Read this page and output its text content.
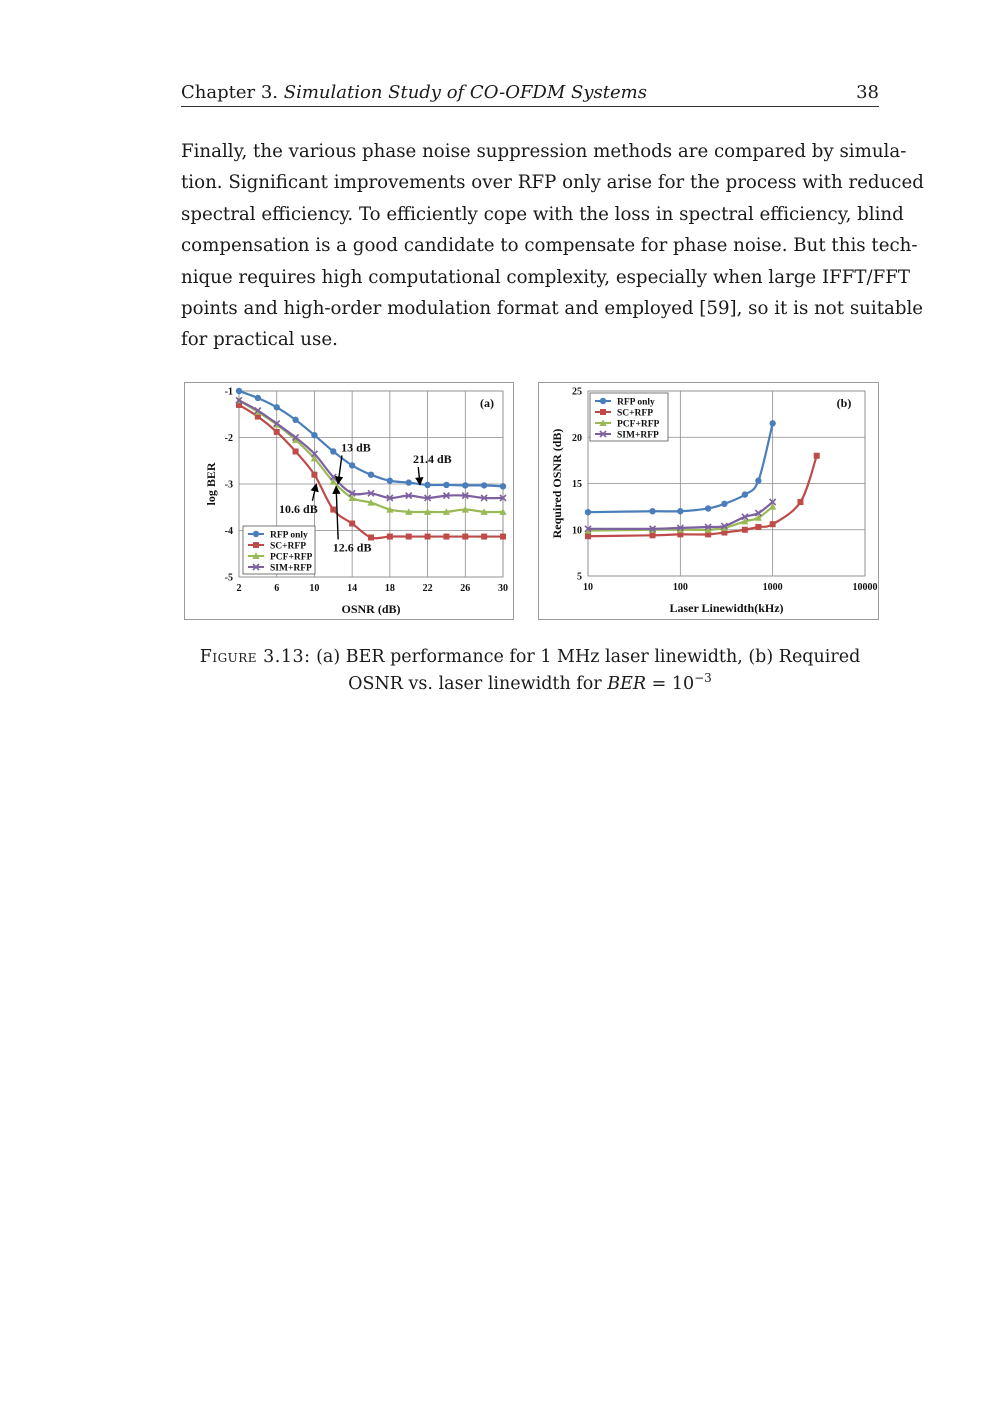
Chapter 3. Simulation Study of CO-OFDM Systems	38
Finally, the various phase noise suppression methods are compared by simula-
tion. Significant improvements over RFP only arise for the process with reduced
spectral efficiency. To efficiently cope with the loss in spectral efficiency, blind
compensation is a good candidate to compensate for phase noise. But this tech-
nique requires high computational complexity, especially when large IFFT/FFT
points and high-order modulation format and employed [59], so it is not suitable
for practical use.
2	6	10	14	18	22	26	30
-1
-2
-3
-4
-5
OSNR (dB)
log BER
(a)
RFP only
SC+RFP
PCF+RFP
SIM+RFP
13 dB
21.4 dB
10.6 dB
12.6 dB
10	100	1000	10000
25
20
15
10
5
Laser Linewidth(kHz)
Required OSNR (dB)
(b)
RFP only
SC+RFP
PCF+RFP
SIM+RFP
Figure 3.13: (a) BER performance for 1 MHz laser linewidth, (b) Required
OSNR vs. laser linewidth for BER = $10^{-3}$
